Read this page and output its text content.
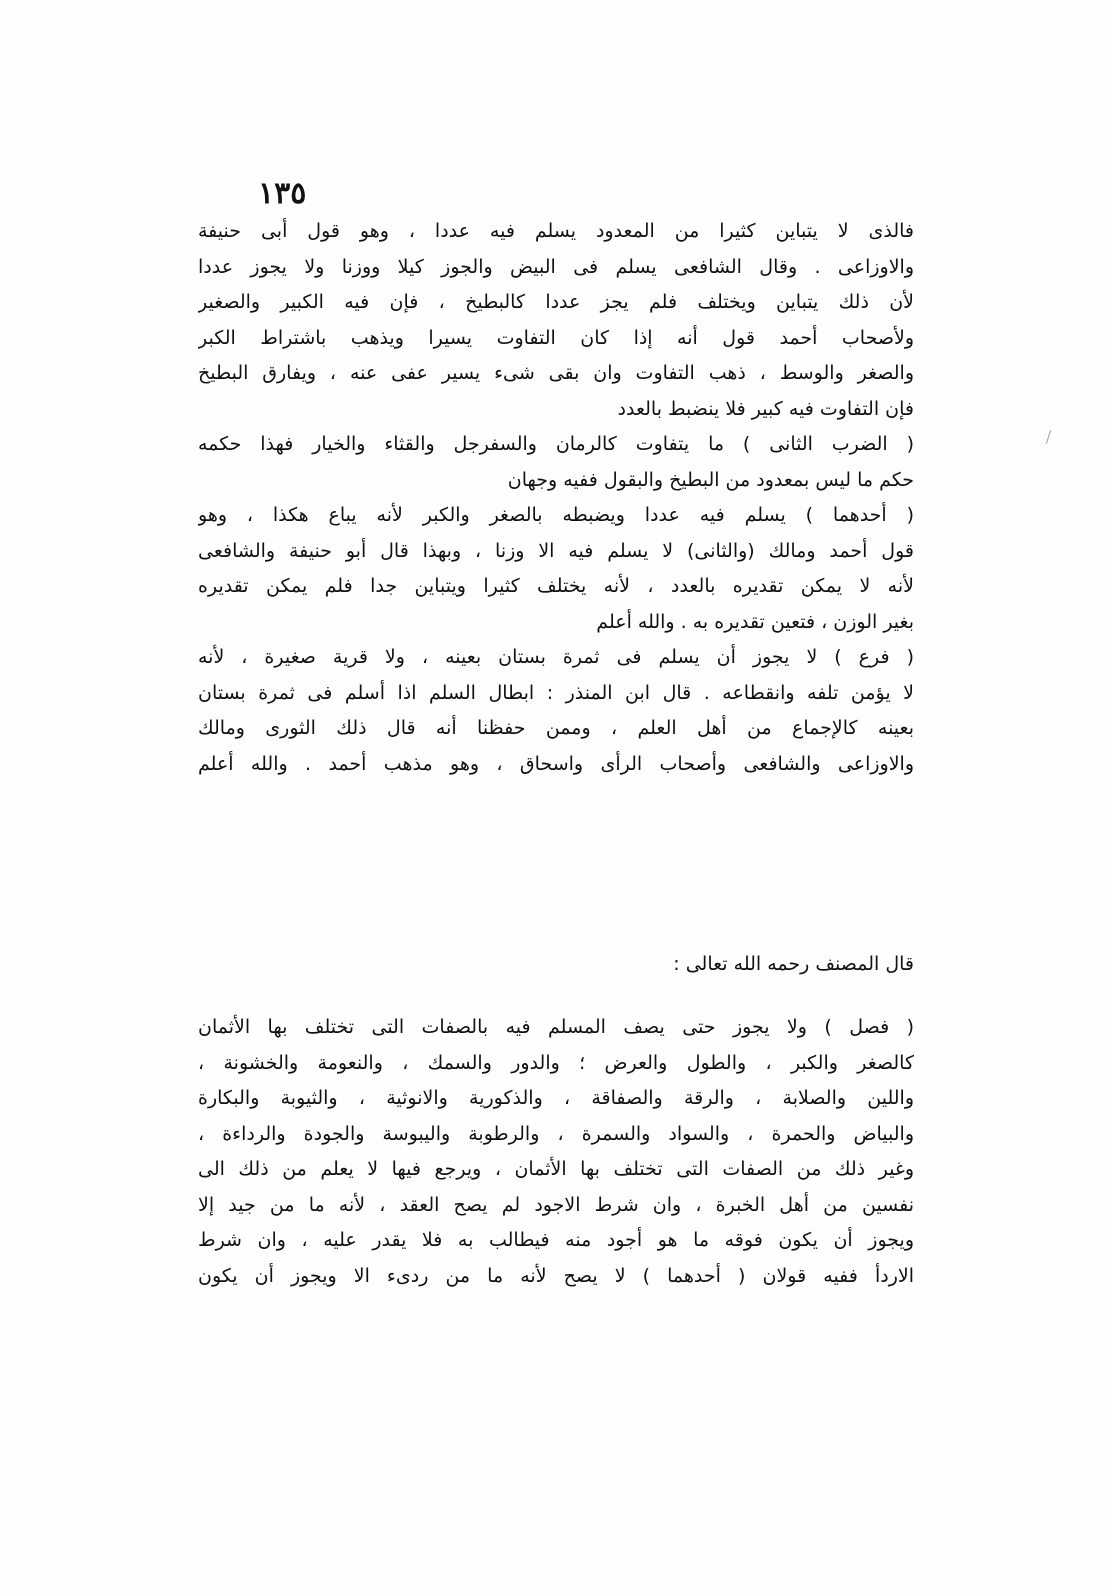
١٣٥
فالذى لا يتباين كثيرا من المعدود يسلم فيه عددا ، وهو قول أبى حنيفة
والاوزاعى . وقال الشافعى يسلم فى البيض والجوز كيلا ووزنا ولا يجوز عددا
لأن ذلك يتباين ويختلف فلم يجز عددا كالبطيخ ، فإن فيه الكبير والصغير
ولأصحاب أحمد قول أنه إذا كان التفاوت يسيرا ويذهب باشتراط الكبر
والصغر والوسط ، ذهب التفاوت وان بقى شىء يسير عفى عنه ، ويفارق البطيخ
فإن التفاوت فيه كبير فلا ينضبط بالعدد
( الضرب الثانى ) ما يتفاوت كالرمان والسفرجل والقثاء والخيار فهذا حكمه
حكم ما ليس بمعدود من البطيخ والبقول ففيه وجهان
( أحدهما ) يسلم فيه عددا ويضبطه بالصغر والكبر لأنه يباع هكذا ، وهو
قول أحمد ومالك (والثانى) لا يسلم فيه الا وزنا ، وبهذا قال أبو حنيفة والشافعى
لأنه لا يمكن تقديره بالعدد ، لأنه يختلف كثيرا ويتباين جدا فلم يمكن تقديره
بغير الوزن ، فتعين تقديره به . والله أعلم
( فرع ) لا يجوز أن يسلم فى ثمرة بستان بعينه ، ولا قرية صغيرة ، لأنه
لا يؤمن تلفه وانقطاعه . قال ابن المنذر : ابطال السلم اذا أسلم فى ثمرة بستان
بعينه كالإجماع من أهل العلم ، وممن حفظنا أنه قال ذلك الثورى ومالك
والاوزاعى والشافعى وأصحاب الرأى واسحاق ، وهو مذهب أحمد . والله أعلم
قال المصنف رحمه الله تعالى :
( فصل ) ولا يجوز حتى يصف المسلم فيه بالصفات التى تختلف بها الأثمان
كالصغر والكبر ، والطول والعرض ؛ والدور والسمك ، والنعومة والخشونة ،
واللين والصلابة ، والرقة والصفاقة ، والذكورية والانوثية ، والثيوبة والبكارة
والبياض والحمرة ، والسواد والسمرة ، والرطوبة واليبوسة والجودة والرداءة ،
وغير ذلك من الصفات التى تختلف بها الأثمان ، ويرجع فيها لا يعلم من ذلك الى
نفسين من أهل الخبرة ، وان شرط الاجود لم يصح العقد ، لأنه ما من جيد إلا
ويجوز أن يكون فوقه ما هو أجود منه فيطالب به فلا يقدر عليه ، وان شرط
الاردأ ففيه قولان ( أحدهما ) لا يصح لأنه ما من ردىء الا ويجوز أن يكون
